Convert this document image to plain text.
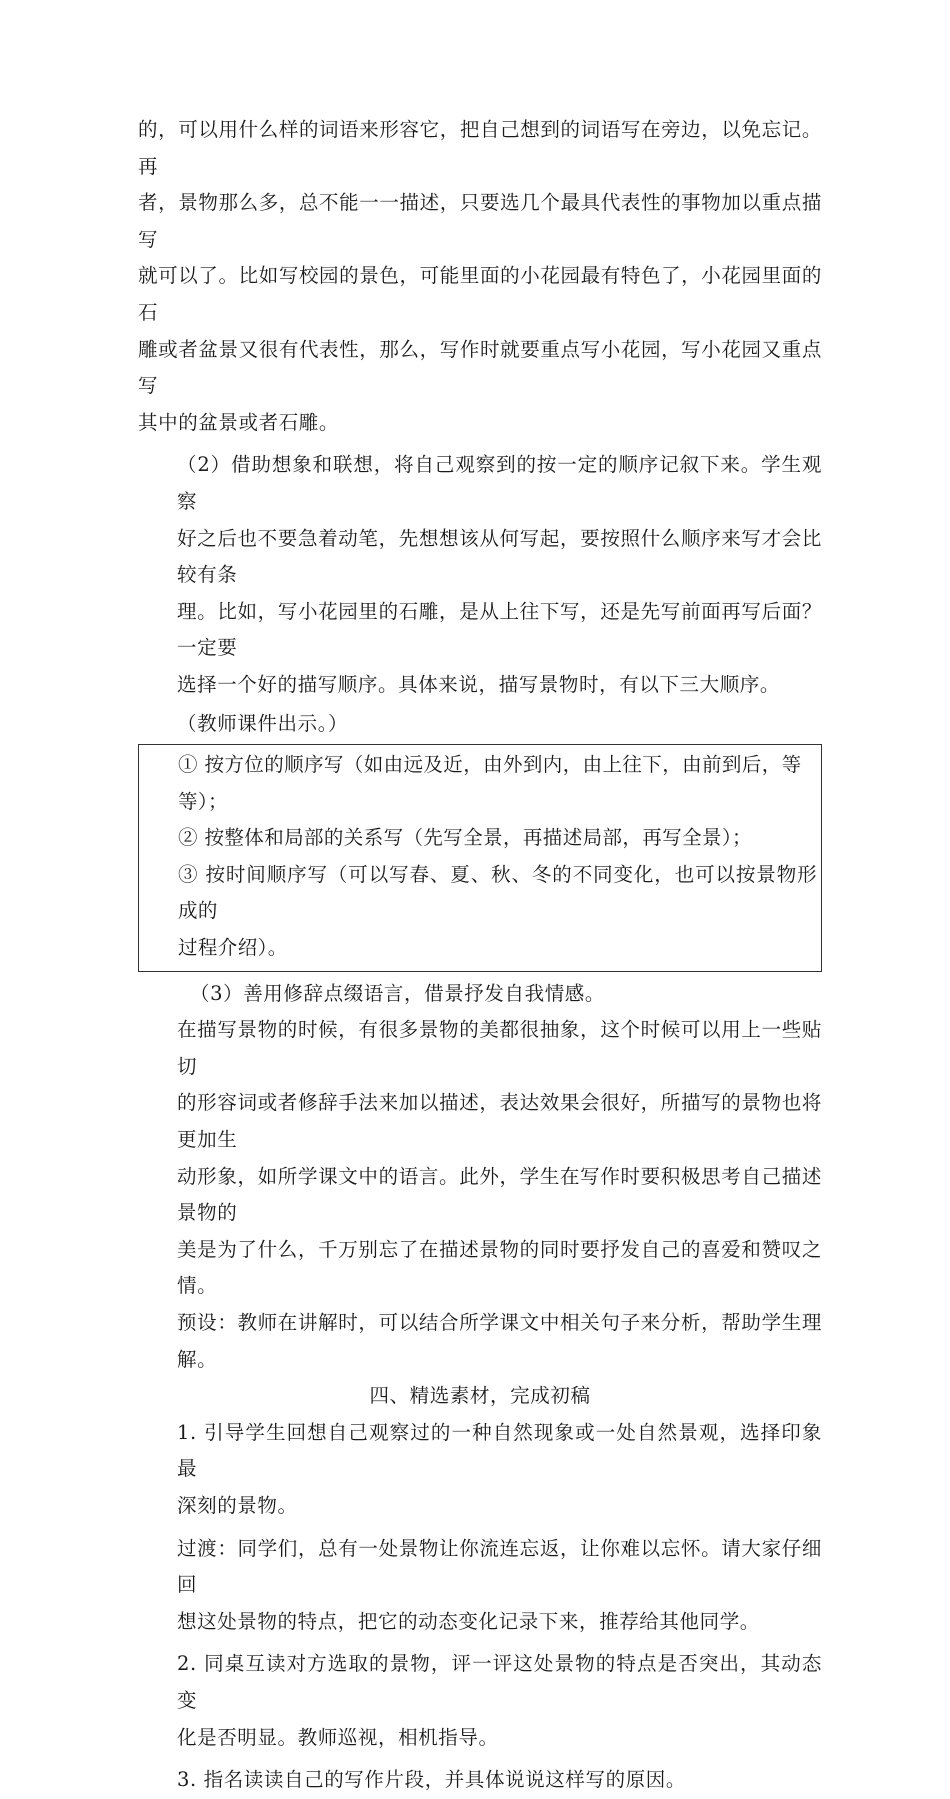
的，可以用什么样的词语来形容它，把自己想到的词语写在旁边，以免忘记。再
者，景物那么多，总不能一一描述，只要选几个最具代表性的事物加以重点描写
就可以了。比如写校园的景色，可能里面的小花园最有特色了，小花园里面的石
雕或者盆景又很有代表性，那么，写作时就要重点写小花园，写小花园又重点写
其中的盆景或者石雕。

（2）借助想象和联想，将自己观察到的按一定的顺序记叙下来。学生观察
好之后也不要急着动笔，先想想该从何写起，要按照什么顺序来写才会比较有条
理。比如，写小花园里的石雕，是从上往下写，还是先写前面再写后面？一定要
选择一个好的描写顺序。具体来说，描写景物时，有以下三大顺序。

（教师课件出示。）

① 按方位的顺序写（如由远及近，由外到内，由上往下，由前到后，等
等）；

② 按整体和局部的关系写（先写全景，再描述局部，再写全景）；

③ 按时间顺序写（可以写春、夏、秋、冬的不同变化，也可以按景物形成的
过程介绍）。

（3）善用修辞点缀语言，借景抒发自我情感。

在描写景物的时候，有很多景物的美都很抽象，这个时候可以用上一些贴切
的形容词或者修辞手法来加以描述，表达效果会很好，所描写的景物也将更加生
动形象，如所学课文中的语言。此外，学生在写作时要积极思考自己描述景物的
美是为了什么，千万别忘了在描述景物的同时要抒发自己的喜爱和赞叹之情。

预设：教师在讲解时，可以结合所学课文中相关句子来分析，帮助学生理解。

四、精选素材，完成初稿

1. 引导学生回想自己观察过的一种自然现象或一处自然景观，选择印象最
深刻的景物。

过渡：同学们，总有一处景物让你流连忘返，让你难以忘怀。请大家仔细回
想这处景物的特点，把它的动态变化记录下来，推荐给其他同学。

2. 同桌互读对方选取的景物，评一评这处景物的特点是否突出，其动态变
化是否明显。教师巡视，相机指导。

3. 指名读读自己的写作片段，并具体说说这样写的原因。
